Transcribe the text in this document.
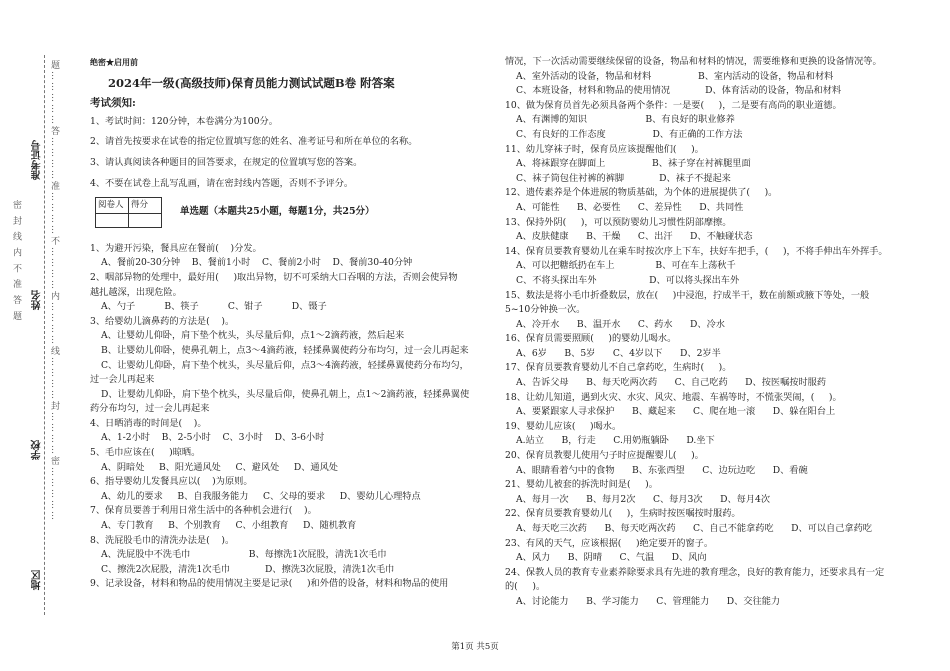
准考证号
姓名
学校
地区
题……………答…………准…………不…………内…………线…………封…………密……………
密 封 线 内 不 准 答 题

绝密★启用前

2024年一级(高级技师)保育员能力测试试题B卷 附答案

考试须知:

1、考试时间：120分钟，本卷满分为100分。

2、请首先按要求在试卷的指定位置填写您的姓名、准考证号和所在单位的名称。

3、请认真阅读各种题目的回答要求，在规定的位置填写您的答案。

4、不要在试卷上乱写乱画，请在密封线内答题，否则不予评分。

阅卷人	得分

单选题（本题共25小题，每题1分，共25分）

1、为避开污染，餐具应在餐前(    )分发。

A、餐前20-30分钟    B、餐前1小时    C、餐前2小时    D、餐前30-40分钟

2、咽部异物的处理中，最好用(     )取出异物，切不可采纳大口吞咽的方法，否则会使异物

越扎越深，出现危险。

A、勺子          B、筷子          C、钳子          D、镊子

3、给婴幼儿滴鼻药的方法是(    )。

A、让婴幼儿仰卧，肩下垫个枕头，头尽量后仰，点1～2滴药液，然后起来

B、让婴幼儿仰卧，使鼻孔朝上，点3～4滴药液，轻揉鼻翼使药分布均匀，过一会儿再起来

C、让婴幼儿仰卧，肩下垫个枕头，头尽量后仰，点3～4滴药液，轻揉鼻翼使药分布均匀，

过一会儿再起来

D、让婴幼儿仰卧，肩下垫个枕头，头尽量后仰，使鼻孔朝上，点1～2滴药液，轻揉鼻翼使

药分布均匀，过一会儿再起来

4、日晒消毒的时间是(    )。

A、1-2小时    B、2-5小时    C、3小时    D、3-6小时

5、毛巾应该在(     )晾晒。

A、阴暗处     B、阳光通风处     C、避风处     D、通风处

6、指导婴幼儿发餐具应以(    )为原则。

A、幼儿的要求     B、自我服务能力     C、父母的要求     D、婴幼儿心理特点

7、保育员要善于利用日常生活中的各种机会进行(    )。

A、专门教育     B、个别教育     C、小组教育     D、随机教育

8、洗屁股毛巾的清洗办法是(    )。

A、洗屁股中不洗毛巾                    B、每擦洗1次屁股，清洗1次毛巾

C、擦洗2次屁股，清洗1次毛巾            D、擦洗3次屁股，清洗1次毛巾

9、记录设备，材料和物品的使用情况主要是记录(     )和外借的设备，材料和物品的使用

情况，下一次活动需要继续保留的设备，物品和材料的情况，需要维修和更换的设备情况等。

A、室外活动的设备，物品和材料                B、室内活动的设备，物品和材料

C、本班设备，材料和物品的使用情况            D、体育活动的设备，物品和材料

10、做为保育员首先必须具备两个条件：一是要(     )，二是要有高尚的职业道德。

A、有渊博的知识                    B、有良好的职业修养

C、有良好的工作态度                D、有正确的工作方法

11、幼儿穿袜子时，保育员应该提醒他们(     )。

A、将袜跟穿在脚面上                B、袜子穿在衬裤腿里面

C、袜子筒包住衬裤的裤脚            D、袜子不提起来

12、遗传素养是个体进展的物质基础，为个体的进展提供了(     )。

A、可能性      B、必要性      C、差异性      D、共同性

13、保持外阴(     )，可以预防婴幼儿习惯性阴部摩擦。

A、皮肤健康      B、干燥      C、出汗      D、不触碰状态

14、保育员要教育婴幼儿在乘车时按次序上下车，扶好车把手，(     )，不将手伸出车外挥手。

A、可以把糖纸扔在车上              B、可在车上荡秋千

C、不将头探出车外                  D、可以将头探出车外

15、数法是将小毛巾折叠数层，放在(     )中浸泡，拧成半干，数在前额或腋下等处，一般

5~10分钟换一次。

A、冷开水      B、温开水      C、药水      D、冷水

16、保育员需要照顾(     )的婴幼儿喝水。

A、6岁      B、5岁      C、4岁以下      D、2岁半

17、保育员要教育婴幼儿不自己拿药吃，生病时(     )。

A、告诉父母      B、每天吃两次药      C、自己吃药      D、按医嘱按时服药

18、让幼儿知道，遇到火灾、水灾、风灾、地震、车祸等时，不慌张哭闹，(     )。

A、要紧跟家人寻求保护      B、藏起来      C、爬在地一滚      D、躲在阳台上

19、婴幼儿应该(     )喝水。

A.站立      B，行走      C.用奶瓶躺卧      D.坐下

20、保育员教婴儿使用勺子时应提醒婴儿(     )。

A、眼睛看着勺中的食物      B、东张西望      C、边玩边吃      D、看碗

21、婴幼儿被套的拆洗时间是(     )。

A、每月一次      B、每月2次      C、每月3次      D、每月4次

22、保育员要教育婴幼儿(     )，生病时按医嘱按时服药。

A、每天吃三次药      B、每天吃两次药      C、自己不能拿药吃      D、可以自己拿药吃

23、有风的天气，应该根据(     )绝定要开的窗子。

A、风力      B、阴晴      C、气温      D、风向

24、保教人员的教育专业素养除要求具有先进的教育理念，良好的教育能力，还要求具有一定

的(     )。

A、讨论能力      B、学习能力      C、管理能力      D、交往能力

第1页 共5页
